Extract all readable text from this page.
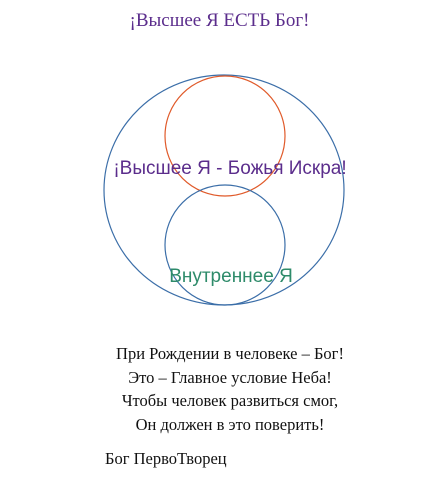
¡Высшее Я ЕСТЬ Бог!
¡Высшее Я - Божья Искра!
Внутреннее Я
При Рождении в человеке – Бог!
Это – Главное условие Неба!
Чтобы человек развиться смог,
Он должен в это поверить!
Бог ПервоТворец
